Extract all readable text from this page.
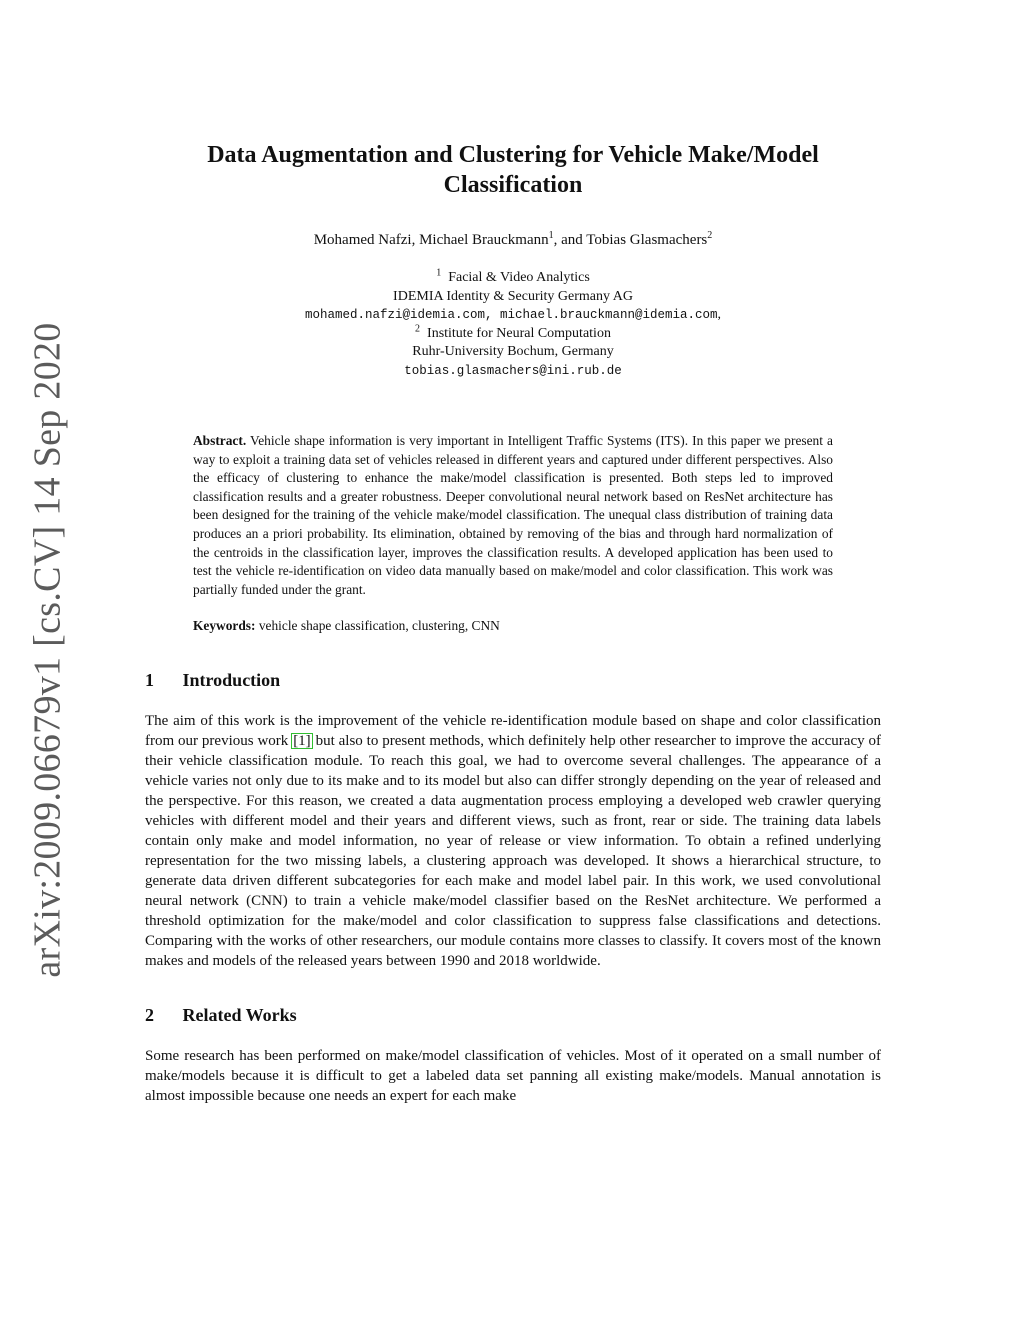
arXiv:2009.06679v1 [cs.CV] 14 Sep 2020
Data Augmentation and Clustering for Vehicle Make/Model Classification
Mohamed Nafzi, Michael Brauckmann$^1$, and Tobias Glasmachers$^2$
$^1$ Facial & Video Analytics
IDEMIA Identity & Security Germany AG
mohamed.nafzi@idemia.com, michael.brauckmann@idemia.com,
$^2$ Institute for Neural Computation
Ruhr-University Bochum, Germany
tobias.glasmachers@ini.rub.de
Abstract. Vehicle shape information is very important in Intelligent Traffic Systems (ITS). In this paper we present a way to exploit a training data set of vehicles released in different years and captured under different perspectives. Also the efficacy of clustering to enhance the make/model classification is presented. Both steps led to improved classification results and a greater robustness. Deeper convolutional neural network based on ResNet architecture has been designed for the training of the vehicle make/model classification. The unequal class distribution of training data produces an a priori probability. Its elimination, obtained by removing of the bias and through hard normalization of the centroids in the classification layer, improves the classification results. A developed application has been used to test the vehicle re-identification on video data manually based on make/model and color classification. This work was partially funded under the grant.
Keywords: vehicle shape classification, clustering, CNN
1 Introduction

The aim of this work is the improvement of the vehicle re-identification module based on shape and color classification from our previous work [1] but also to present methods, which definitely help other researcher to improve the accuracy of their vehicle classification module. To reach this goal, we had to overcome several challenges. The appearance of a vehicle varies not only due to its make and to its model but also can differ strongly depending on the year of released and the perspective. For this reason, we created a data augmentation process employing a developed web crawler querying vehicles with different model and their years and different views, such as front, rear or side. The training data labels contain only make and model information, no year of release or view information. To obtain a refined underlying representation for the two missing labels, a clustering approach was developed. It shows a hierarchical structure, to generate data driven different subcategories for each make and model label pair. In this work, we used convolutional neural network (CNN) to train a vehicle make/model classifier based on the ResNet architecture. We performed a threshold optimization for the make/model and color classification to suppress false classifications and detections. Comparing with the works of other researchers, our module contains more classes to classify. It covers most of the known makes and models of the released years between 1990 and 2018 worldwide.

2 Related Works

Some research has been performed on make/model classification of vehicles. Most of it operated on a small number of make/models because it is difficult to get a labeled data set panning all existing make/models. Manual annotation is almost impossible because one needs an expert for each make
